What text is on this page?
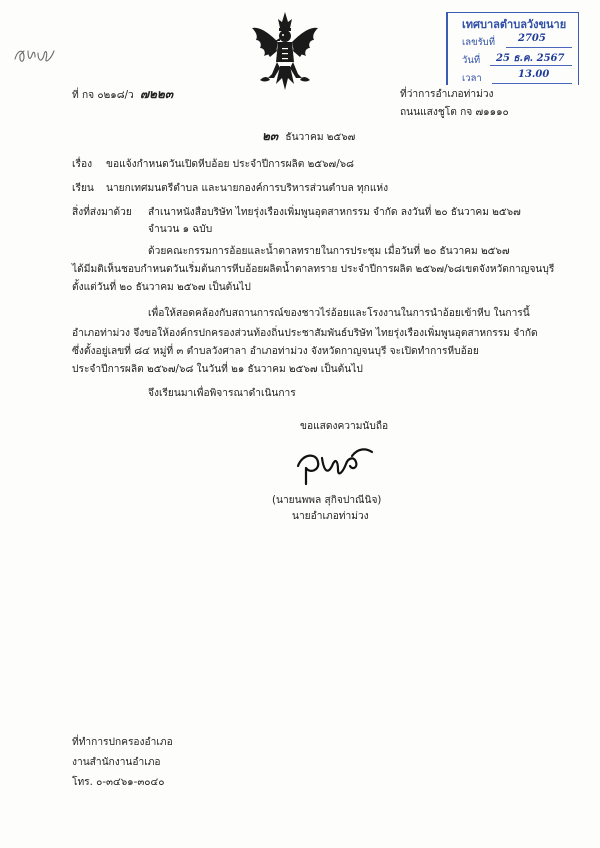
เทศบาลตำบลวังขนาย
เลขรับที่ 2705
วันที่ 25 ธ.ค. 2567
เวลา	13.00
ที่ กจ ๐๒๑๘/ว ๗๒๒๓	ที่ว่าการอำเภอท่าม่วง
ถนนแสงชูโต กจ ๗๑๑๑๐
๒๓ ธันวาคม ๒๕๖๗
เรื่อง ขอแจ้งกำหนดวันเปิดหีบอ้อย ประจำปีการผลิต ๒๕๖๗/๖๘
เรียน นายกเทศมนตรีตำบล และนายกองค์การบริหารส่วนตำบล ทุกแห่ง
สิ่งที่ส่งมาด้วย สำเนาหนังสือบริษัท ไทยรุ่งเรืองเพิ่มพูนอุตสาหกรรม จำกัด ลงวันที่ ๒๐ ธันวาคม ๒๕๖๗
จำนวน ๑ ฉบับ
ด้วยคณะกรรมการอ้อยและน้ำตาลทรายในการประชุม เมื่อวันที่ ๒๐ ธันวาคม ๒๕๖๗
ได้มีมติเห็นชอบกำหนดวันเริ่มต้นการหีบอ้อยผลิตน้ำตาลทราย ประจำปีการผลิต ๒๕๖๗/๖๘เขตจังหวัดกาญจนบุรี
ตั้งแต่วันที่ ๒๐ ธันวาคม ๒๕๖๗ เป็นต้นไป
เพื่อให้สอดคล้องกับสถานการณ์ของชาวไร่อ้อยและโรงงานในการนำอ้อยเข้าหีบ ในการนี้
อำเภอท่าม่วง จึงขอให้องค์กรปกครองส่วนท้องถิ่นประชาสัมพันธ์บริษัท ไทยรุ่งเรืองเพิ่มพูนอุตสาหกรรม จำกัด
ซึ่งตั้งอยู่เลขที่ ๘๔ หมู่ที่ ๓ ตำบลวังศาลา อำเภอท่าม่วง จังหวัดกาญจนบุรี จะเปิดทำการหีบอ้อย
ประจำปีการผลิต ๒๕๖๗/๖๘ ในวันที่ ๒๑ ธันวาคม ๒๕๖๗ เป็นต้นไป
จึงเรียนมาเพื่อพิจารณาดำเนินการ
ขอแสดงความนับถือ
(นายนพพล สุกิจปาณีนิจ)
นายอำเภอท่าม่วง
ที่ทำการปกครองอำเภอ
งานสำนักงานอำเภอ
โทร. ๐-๓๔๖๑-๓๐๔๐
